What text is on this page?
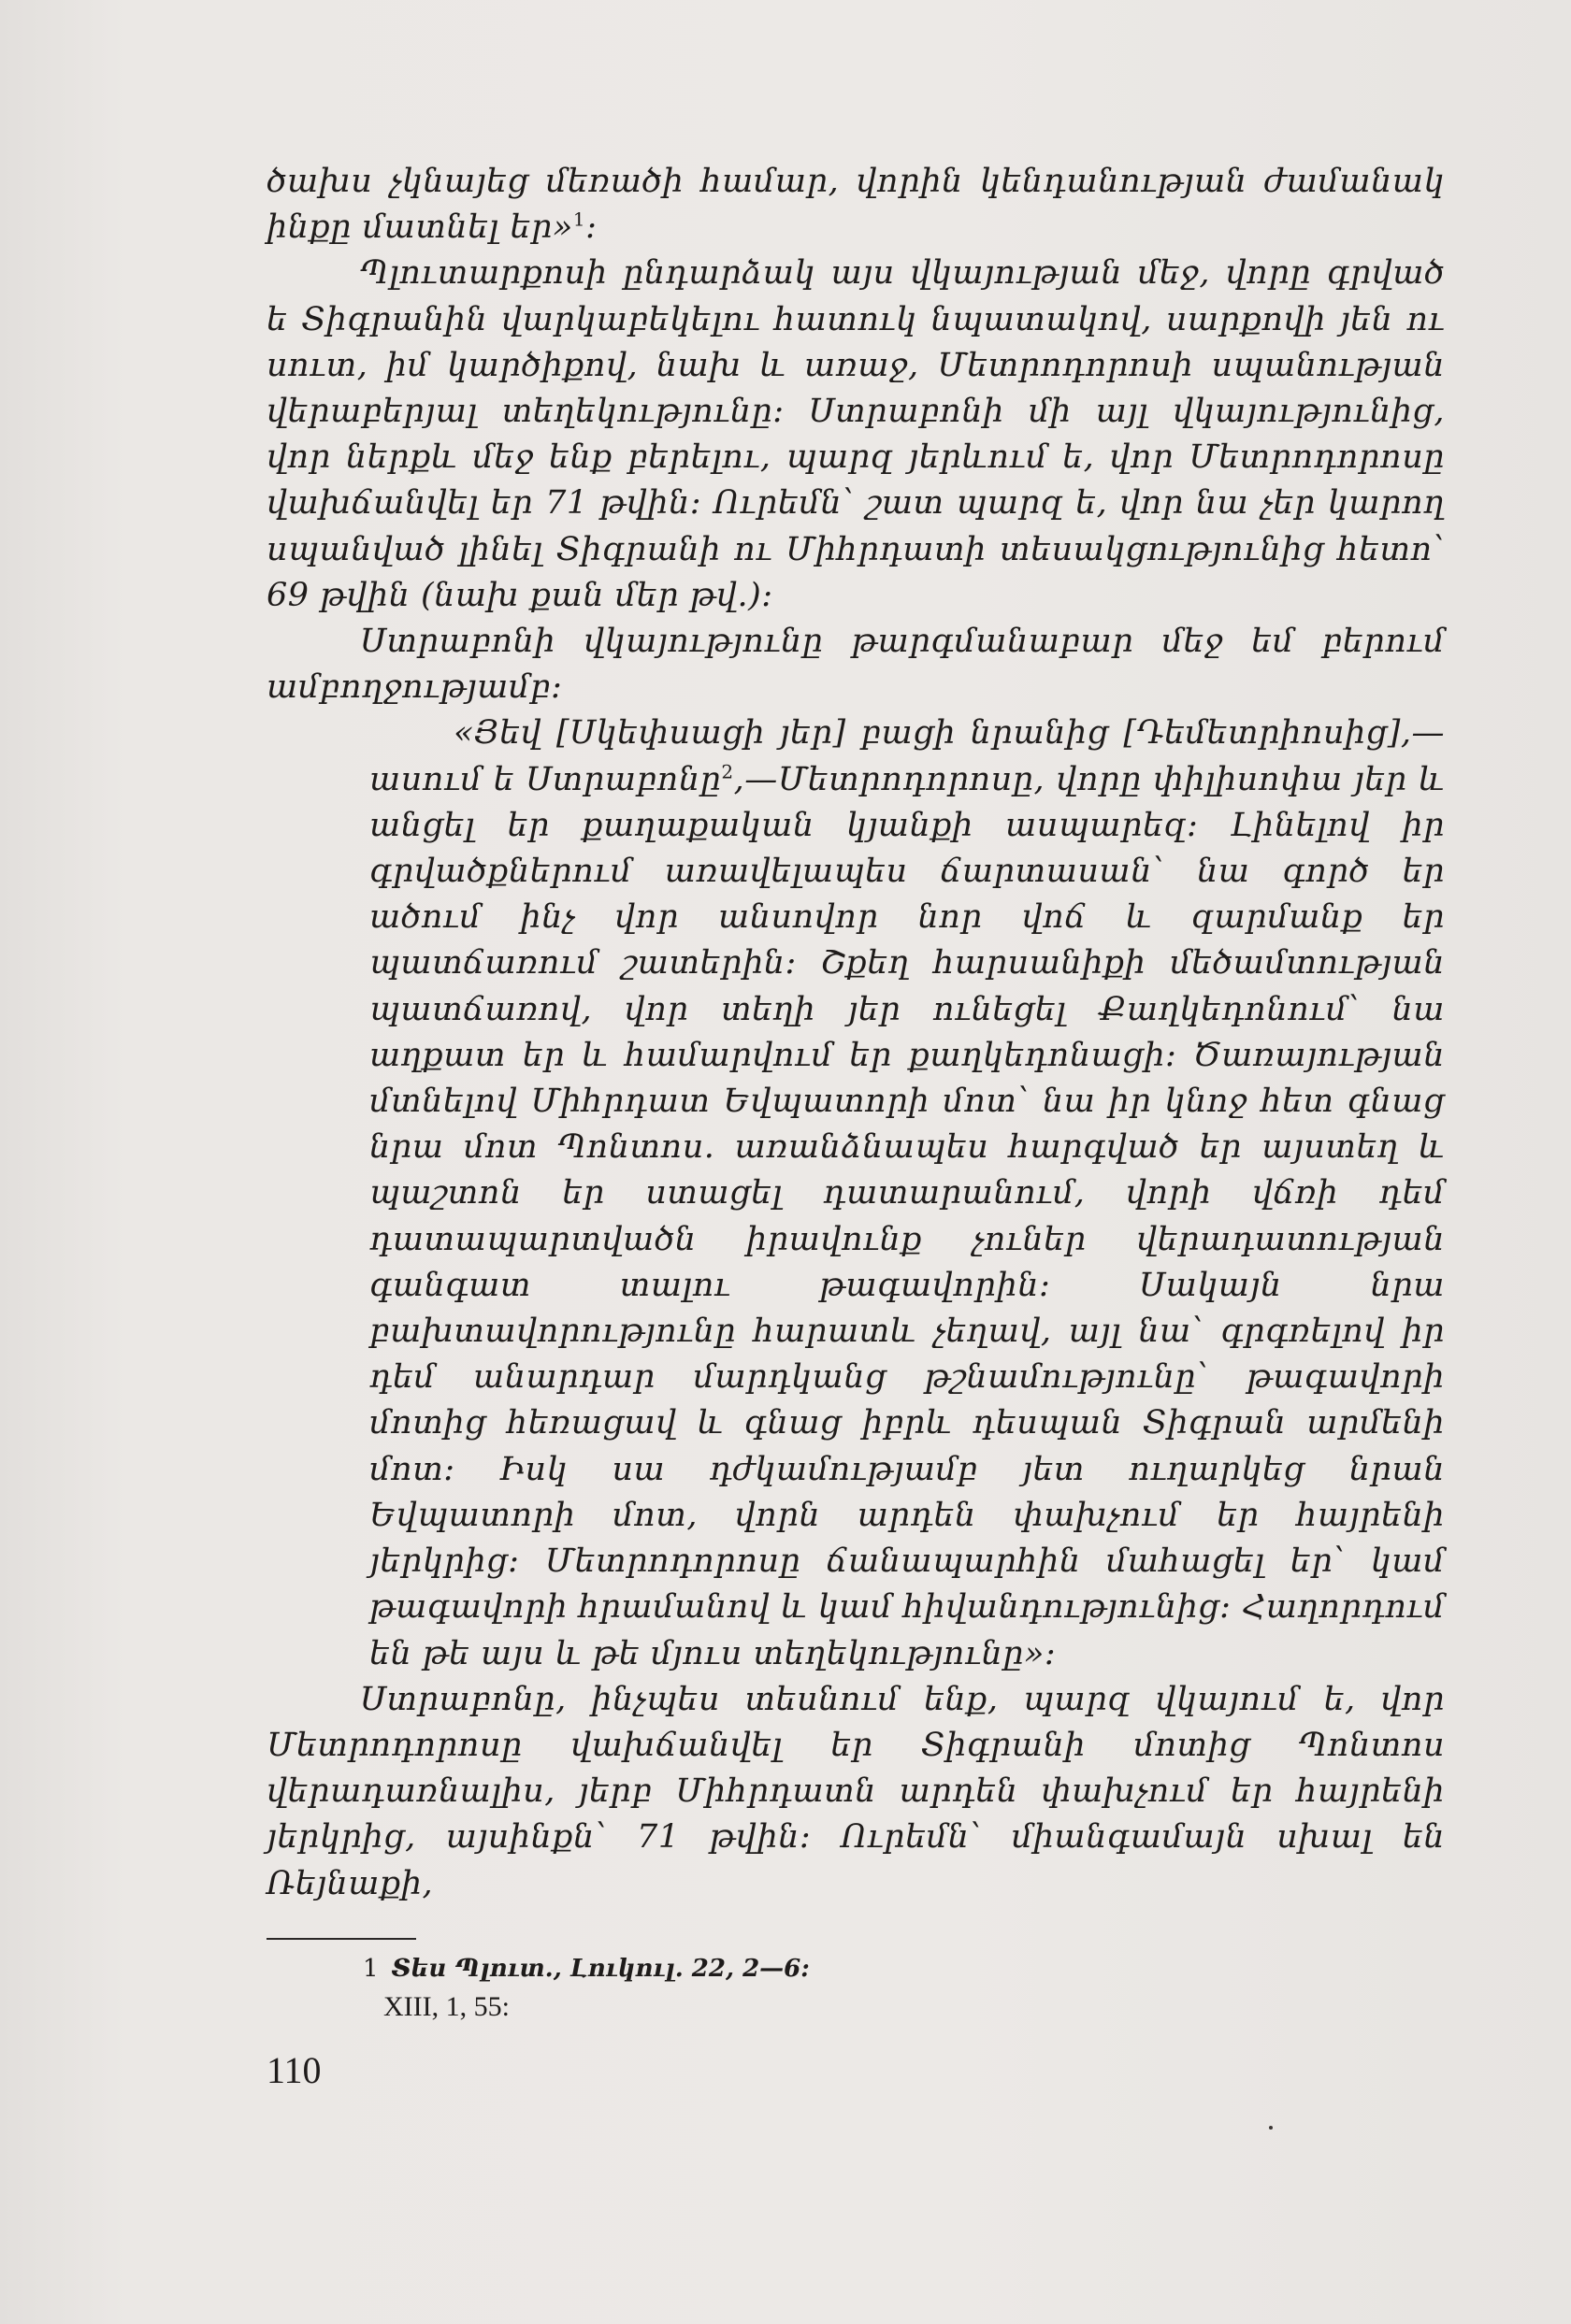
ծախս չկնայեց մեռածի համար, վորին կենդանության ժամանակ ինքը մատնել եր»$^1$:

Պլուտարքոսի ընդարձակ այս վկայության մեջ, վորը գրված ե Տիգրանին վարկաբեկելու հատուկ նպատակով, սարքովի յեն ու սուտ, իմ կարծիքով, նախ և առաջ, Մետրոդորոսի սպանության վերաբերյալ տեղեկությունը: Ստրաբոնի մի այլ վկայությունից, վոր ներքև մեջ ենք բերելու, պարզ յերևում ե, վոր Մետրոդորոսը վախճանվել եր 71 թվին: Ուրեմն՝ շատ պարզ ե, վոր նա չեր կարող սպանված լինել Տիգրանի ու Միհրդատի տեսակցությունից հետո՝ 69 թվին (նախ քան մեր թվ.):

Ստրաբոնի վկայությունը թարգմանաբար մեջ եմ բերում ամբողջությամբ:

«Յեվ [Սկեփսացի յեր] բացի նրանից [Դեմետրիոսից],— ասում ե Ստրաբոնը$^2$,—Մետրոդորոսը, վորը փիլիսոփա յեր և անցել եր քաղաքական կյանքի ասպարեզ: Լինելով իր գրվածքներում առավելապես ճարտասան՝ նա գործ եր ածում ինչ վոր անսովոր նոր վոճ և զարմանք եր պատճառում շատերին: Շքեղ հարսանիքի մեծամտության պատճառով, վոր տեղի յեր ունեցել Քաղկեդոնում՝ նա աղքատ եր և համարվում եր քաղկեդոնացի: Ծառայության մտնելով Միհրդատ Եվպատորի մոտ՝ նա իր կնոջ հետ գնաց նրա մոտ Պոնտոս. առանձնապես հարգված եր այստեղ և պաշտոն եր ստացել դատարանում, վորի վճռի դեմ դատապարտվածն իրավունք չուներ վերադատության գանգատ տալու թագավորին: Սակայն նրա բախտավորությունը հարատև չեղավ, այլ նա՝ գրգռելով իր դեմ անարդար մարդկանց թշնամությունը՝ թագավորի մոտից հեռացավ և գնաց իբրև դեսպան Տիգրան արմենի մոտ: Իսկ սա դժկամությամբ յետ ուղարկեց նրան Եվպատորի մոտ, վորն արդեն փախչում եր հայրենի յերկրից: Մետրոդորոսը ճանապարհին մահացել եր՝ կամ թագավորի հրամանով և կամ հիվանդությունից: Հաղորդում են թե այս և թե մյուս տեղեկությունը»:

Ստրաբոնը, ինչպես տեսնում ենք, պարզ վկայում ե, վոր Մետրոդորոսը վախճանվել եր Տիգրանի մոտից Պոնտոս վերադառնալիս, յերբ Միհրդատն արդեն փախչում եր հայրենի յերկրից, այսինքն՝ 71 թվին: Ուրեմն՝ միանգամայն սխալ են Ռեյնաքի,

1 Տես Պլուտ., Լուկուլ. 22, 2—6:
XIII, 1, 55:
110
